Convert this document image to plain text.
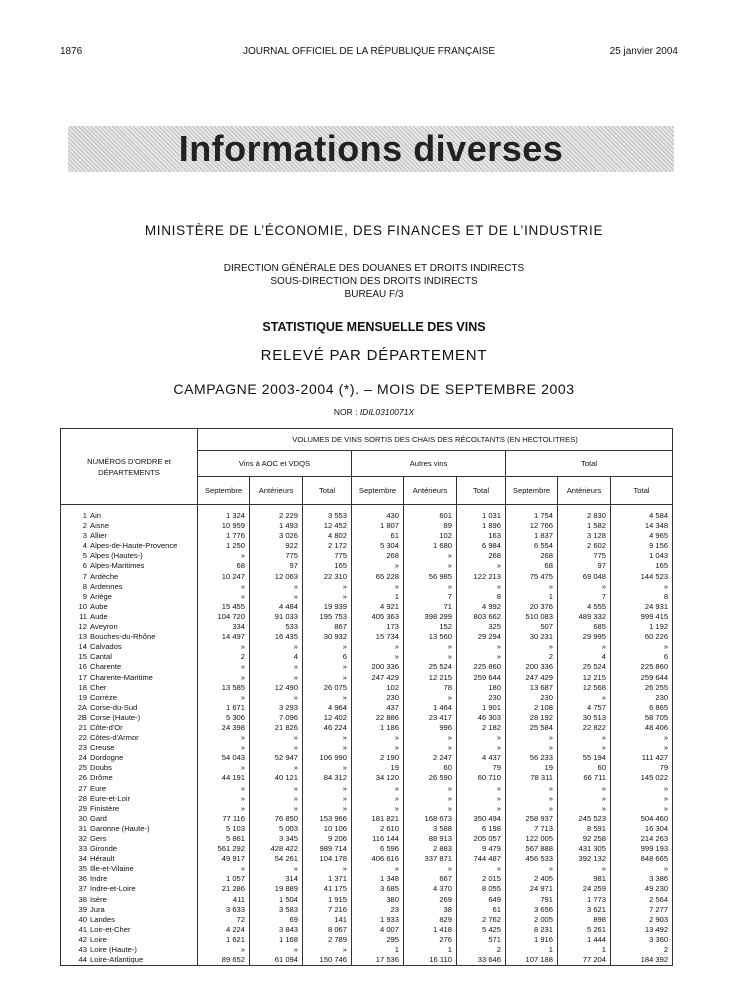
1876	JOURNAL OFFICIEL DE LA RÉPUBLIQUE FRANÇAISE	25 janvier 2004
Informations diverses
MINISTÈRE DE L’ÉCONOMIE, DES FINANCES ET DE L’INDUSTRIE
DIRECTION GÉNÉRALE DES DOUANES ET DROITS INDIRECTS
SOUS-DIRECTION DES DROITS INDIRECTS
BUREAU F/3
STATISTIQUE MENSUELLE DES VINS
RELEVÉ PAR DÉPARTEMENT
CAMPAGNE 2003-2004 (*). – MOIS DE SEPTEMBRE 2003
NOR : IDIL0310071X
NUMÉROS D'ORDRE et DÉPARTEMENTS	VOLUMES DE VINS SORTIS DES CHAIS DES RÉCOLTANTS (EN HECTOLITRES)								
	Vins à AOC et VDQS			Autres vins			Total		
	Septembre	Antérieurs	Total	Septembre	Antérieurs	Total	Septembre	Antérieurs	Total

1 Ain	1 324	2 229	3 553	430	601	1 031	1 754	2 830	4 584
2 Aisne	10 959	1 493	12 452	1 807	89	1 896	12 766	1 582	14 348
3 Allier	1 776	3 026	4 802	61	102	163	1 837	3 128	4 965
4 Alpes-de-Haute-Provence	1 250	922	2 172	5 304	1 680	6 984	6 554	2 602	9 156
5 Alpes (Hautes-)	»	775	775	268	»	268	268	775	1 043
6 Alpes-Maritimes	68	97	165	»	»	»	68	97	165
7 Ardèche	10 247	12 063	22 310	65 228	56 985	122 213	75 475	69 048	144 523
8 Ardennes	»	»	»	»	»	»	»	»	»
9 Ariège	»	»	»	1	7	8	1	7	8
10 Aube	15 455	4 484	19 939	4 921	71	4 992	20 376	4 555	24 931
11 Aude	104 720	91 033	195 753	405 363	398 299	803 662	510 083	489 332	999 415
12 Aveyron	334	533	867	173	152	325	507	685	1 192
13 Bouches-du-Rhône	14 497	16 435	30 932	15 734	13 560	29 294	30 231	29 995	60 226
14 Calvados	»	»	»	»	»	»	»	»	»
15 Cantal	2	4	6	»	»	»	2	4	6
16 Charente	»	»	»	200 336	25 524	225 860	200 336	25 524	225 860
17 Charente-Maritime	»	»	»	247 429	12 215	259 644	247 429	12 215	259 644
18 Cher	13 585	12 490	26 075	102	78	180	13 687	12 568	26 255
19 Corrèze	»	»	»	230	»	230	230	»	230
2A Corse-du-Sud	1 671	3 293	4 964	437	1 464	1 901	2 108	4 757	6 865
2B Corse (Haute-)	5 306	7 096	12 402	22 886	23 417	46 303	28 192	30 513	58 705
21 Côte-d'Or	24 398	21 826	46 224	1 186	996	2 182	25 584	22 822	48 406
22 Côtes-d'Armor	»	»	»	»	»	»	»	»	»
23 Creuse	»	»	»	»	»	»	»	»	»
24 Dordogne	54 043	52 947	106 990	2 190	2 247	4 437	56 233	55 194	111 427
25 Doubs	»	»	»	19	60	79	19	60	79
26 Drôme	44 191	40 121	84 312	34 120	26 590	60 710	78 311	66 711	145 022
27 Eure	»	»	»	»	»	»	»	»	»
28 Eure-et-Loir	»	»	»	»	»	»	»	»	»
29 Finistère	»	»	»	»	»	»	»	»	»
30 Gard	77 116	76 850	153 966	181 821	168 673	350 494	258 937	245 523	504 460
31 Garonne (Haute-)	5 103	5 003	10 106	2 610	3 588	6 198	7 713	8 591	16 304
32 Gers	5 861	3 345	9 206	116 144	88 913	205 057	122 005	92 258	214 263
33 Gironde	561 292	428 422	989 714	6 596	2 883	9 479	567 888	431 305	999 193
34 Hérault	49 917	54 261	104 178	406 616	337 871	744 487	456 533	392 132	848 665
35 Ille-et-Vilaine	»	»	»	»	»	»	»	»	»
36 Indre	1 057	314	1 371	1 348	667	2 015	2 405	981	3 386
37 Indre-et-Loire	21 286	19 889	41 175	3 685	4 370	8 055	24 971	24 259	49 230
38 Isère	411	1 504	1 915	380	269	649	791	1 773	2 564
39 Jura	3 633	3 583	7 216	23	38	61	3 656	3 621	7 277
40 Landes	72	69	141	1 933	829	2 762	2 005	898	2 903
41 Loir-et-Cher	4 224	3 843	8 067	4 007	1 418	5 425	8 231	5 261	13 492
42 Loire	1 621	1 168	2 789	295	276	571	1 916	1 444	3 360
43 Loire (Haute-)	»	»	»	1	1	2	1	1	2
44 Loire-Atlantique	89 652	61 094	150 746	17 536	16 110	33 646	107 188	77 204	184 392
